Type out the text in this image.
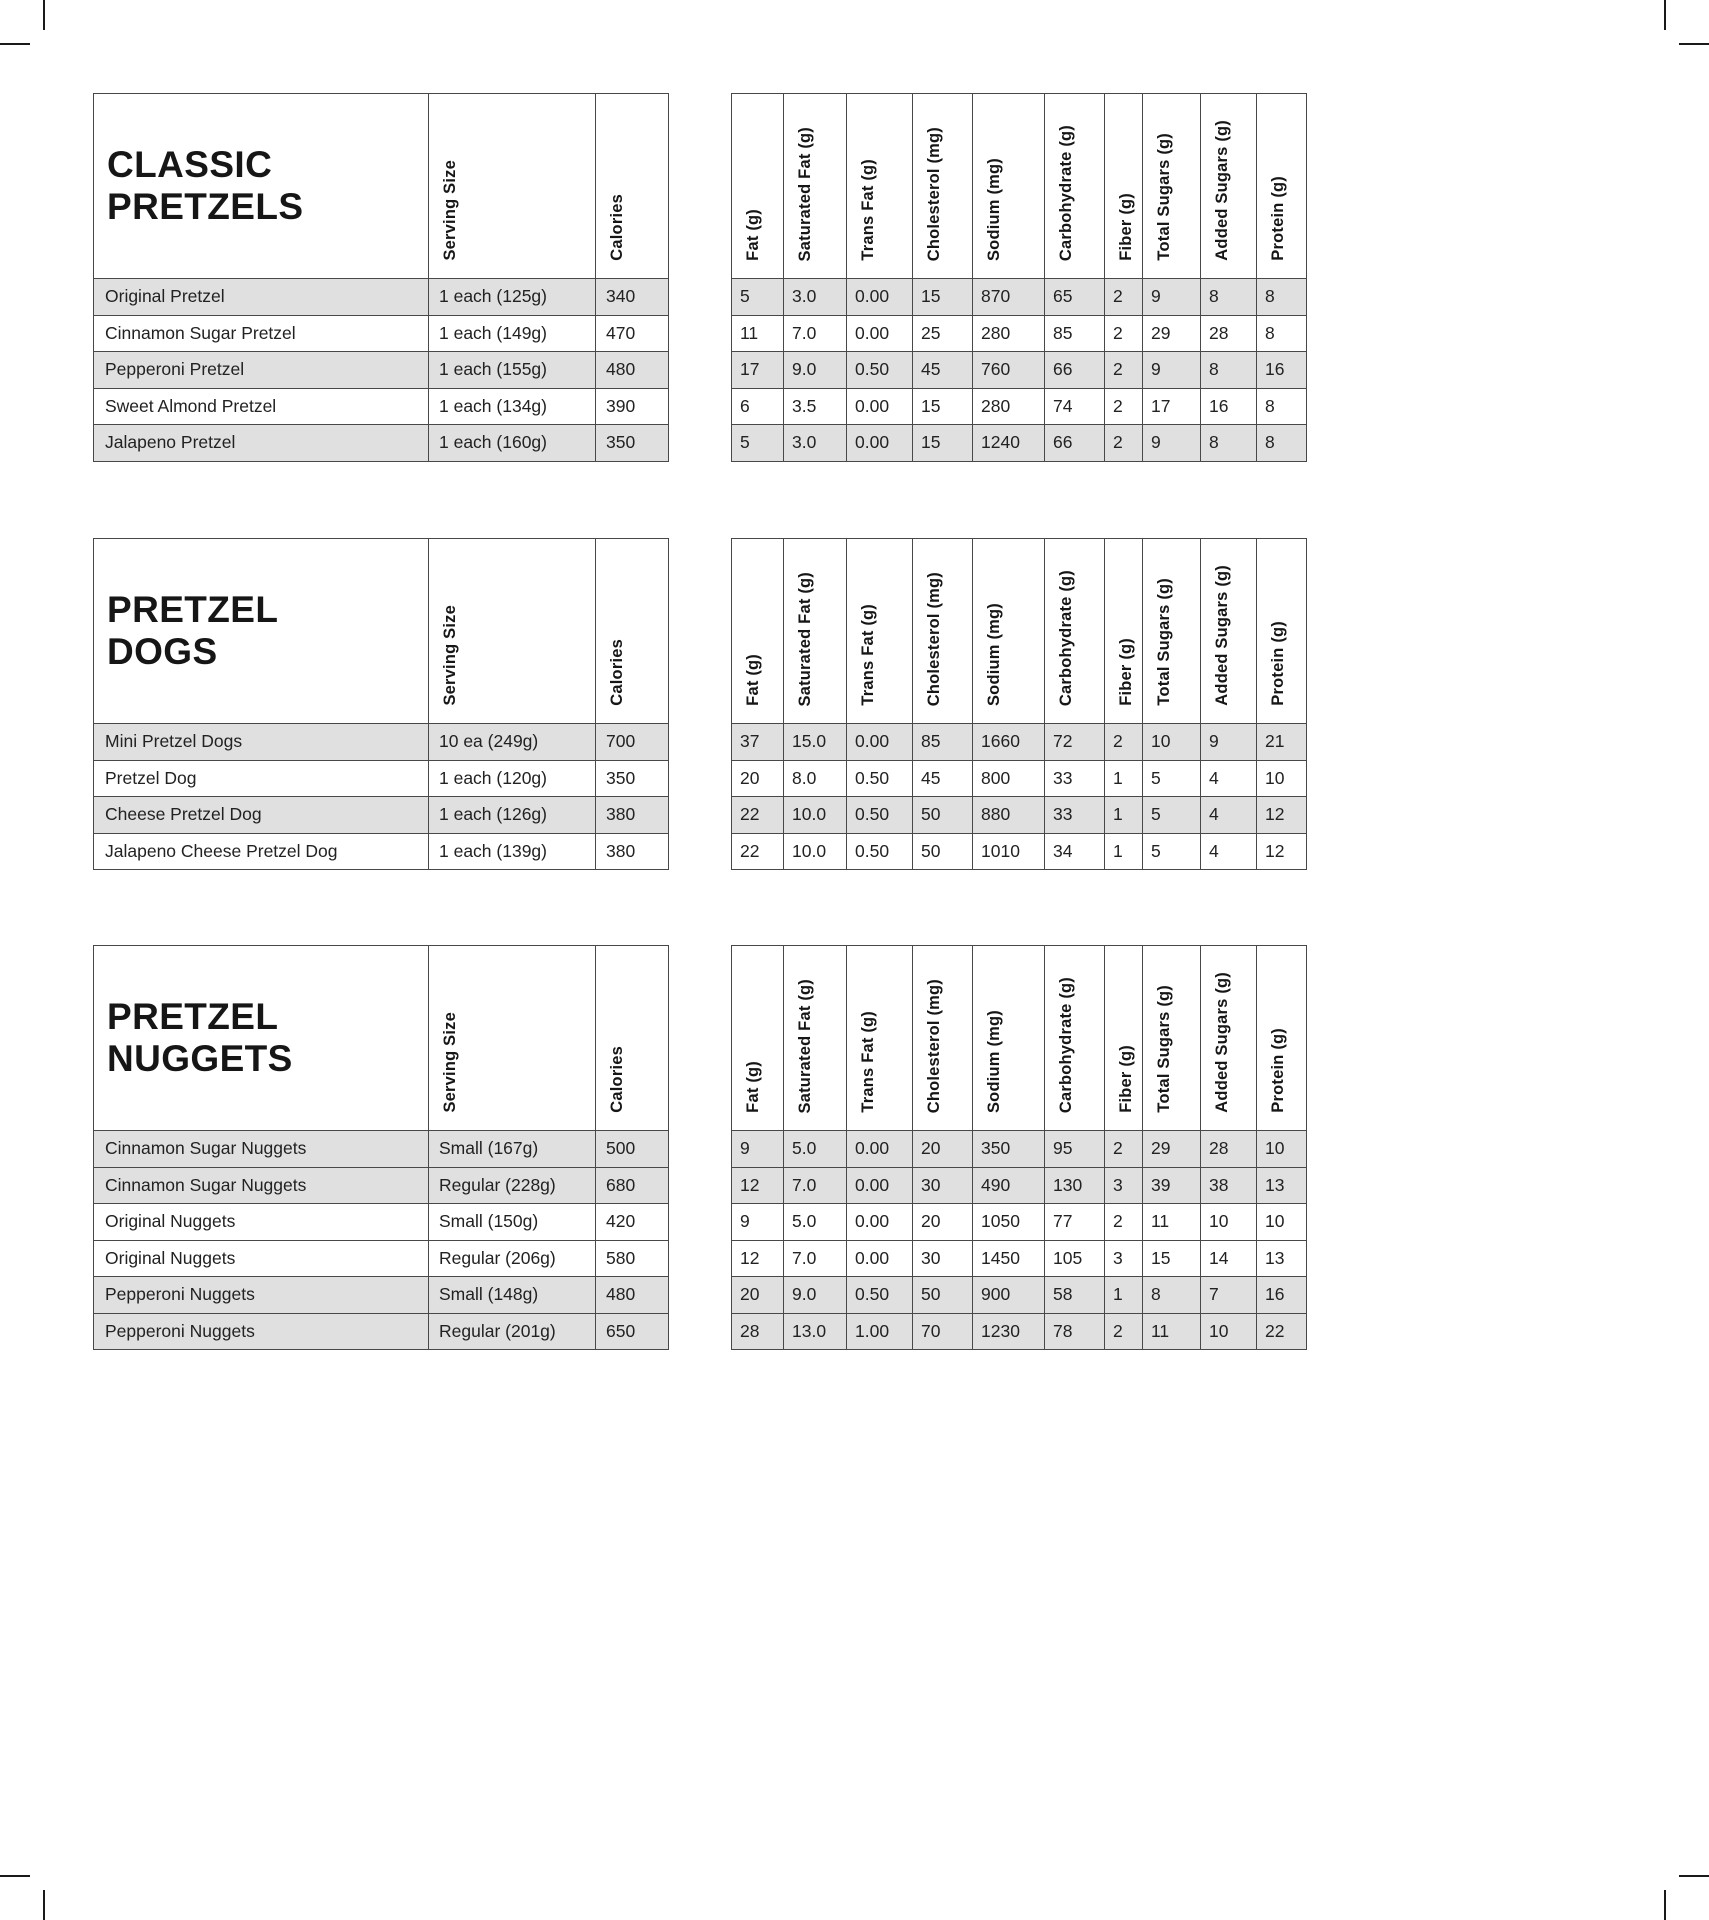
CLASSIC
PRETZELS	Serving Size	Calories
Original Pretzel	1 each (125g)	340
Cinnamon Sugar Pretzel	1 each (149g)	470
Pepperoni Pretzel	1 each (155g)	480
Sweet Almond Pretzel	1 each (134g)	390
Jalapeno Pretzel	1 each (160g)	350
Fat (g)	Saturated Fat (g)	Trans Fat (g)	Cholesterol (mg)	Sodium (mg)	Carbohydrate (g)	Fiber (g)	Total Sugars (g)	Added Sugars (g)	Protein (g)
5	3.0	0.00	15	870	65	2	9	8	8
11	7.0	0.00	25	280	85	2	29	28	8
17	9.0	0.50	45	760	66	2	9	8	16
6	3.5	0.00	15	280	74	2	17	16	8
5	3.0	0.00	15	1240	66	2	9	8	8
PRETZEL
DOGS	Serving Size	Calories
Mini Pretzel Dogs	10 ea (249g)	700
Pretzel Dog	1 each (120g)	350
Cheese Pretzel Dog	1 each (126g)	380
Jalapeno Cheese Pretzel Dog	1 each (139g)	380
Fat (g)	Saturated Fat (g)	Trans Fat (g)	Cholesterol (mg)	Sodium (mg)	Carbohydrate (g)	Fiber (g)	Total Sugars (g)	Added Sugars (g)	Protein (g)
37	15.0	0.00	85	1660	72	2	10	9	21
20	8.0	0.50	45	800	33	1	5	4	10
22	10.0	0.50	50	880	33	1	5	4	12
22	10.0	0.50	50	1010	34	1	5	4	12
PRETZEL
NUGGETS	Serving Size	Calories
Cinnamon Sugar Nuggets	Small (167g)	500
Cinnamon Sugar Nuggets	Regular (228g)	680
Original Nuggets	Small (150g)	420
Original Nuggets	Regular (206g)	580
Pepperoni Nuggets	Small (148g)	480
Pepperoni Nuggets	Regular (201g)	650
Fat (g)	Saturated Fat (g)	Trans Fat (g)	Cholesterol (mg)	Sodium (mg)	Carbohydrate (g)	Fiber (g)	Total Sugars (g)	Added Sugars (g)	Protein (g)
9	5.0	0.00	20	350	95	2	29	28	10
12	7.0	0.00	30	490	130	3	39	38	13
9	5.0	0.00	20	1050	77	2	11	10	10
12	7.0	0.00	30	1450	105	3	15	14	13
20	9.0	0.50	50	900	58	1	8	7	16
28	13.0	1.00	70	1230	78	2	11	10	22
